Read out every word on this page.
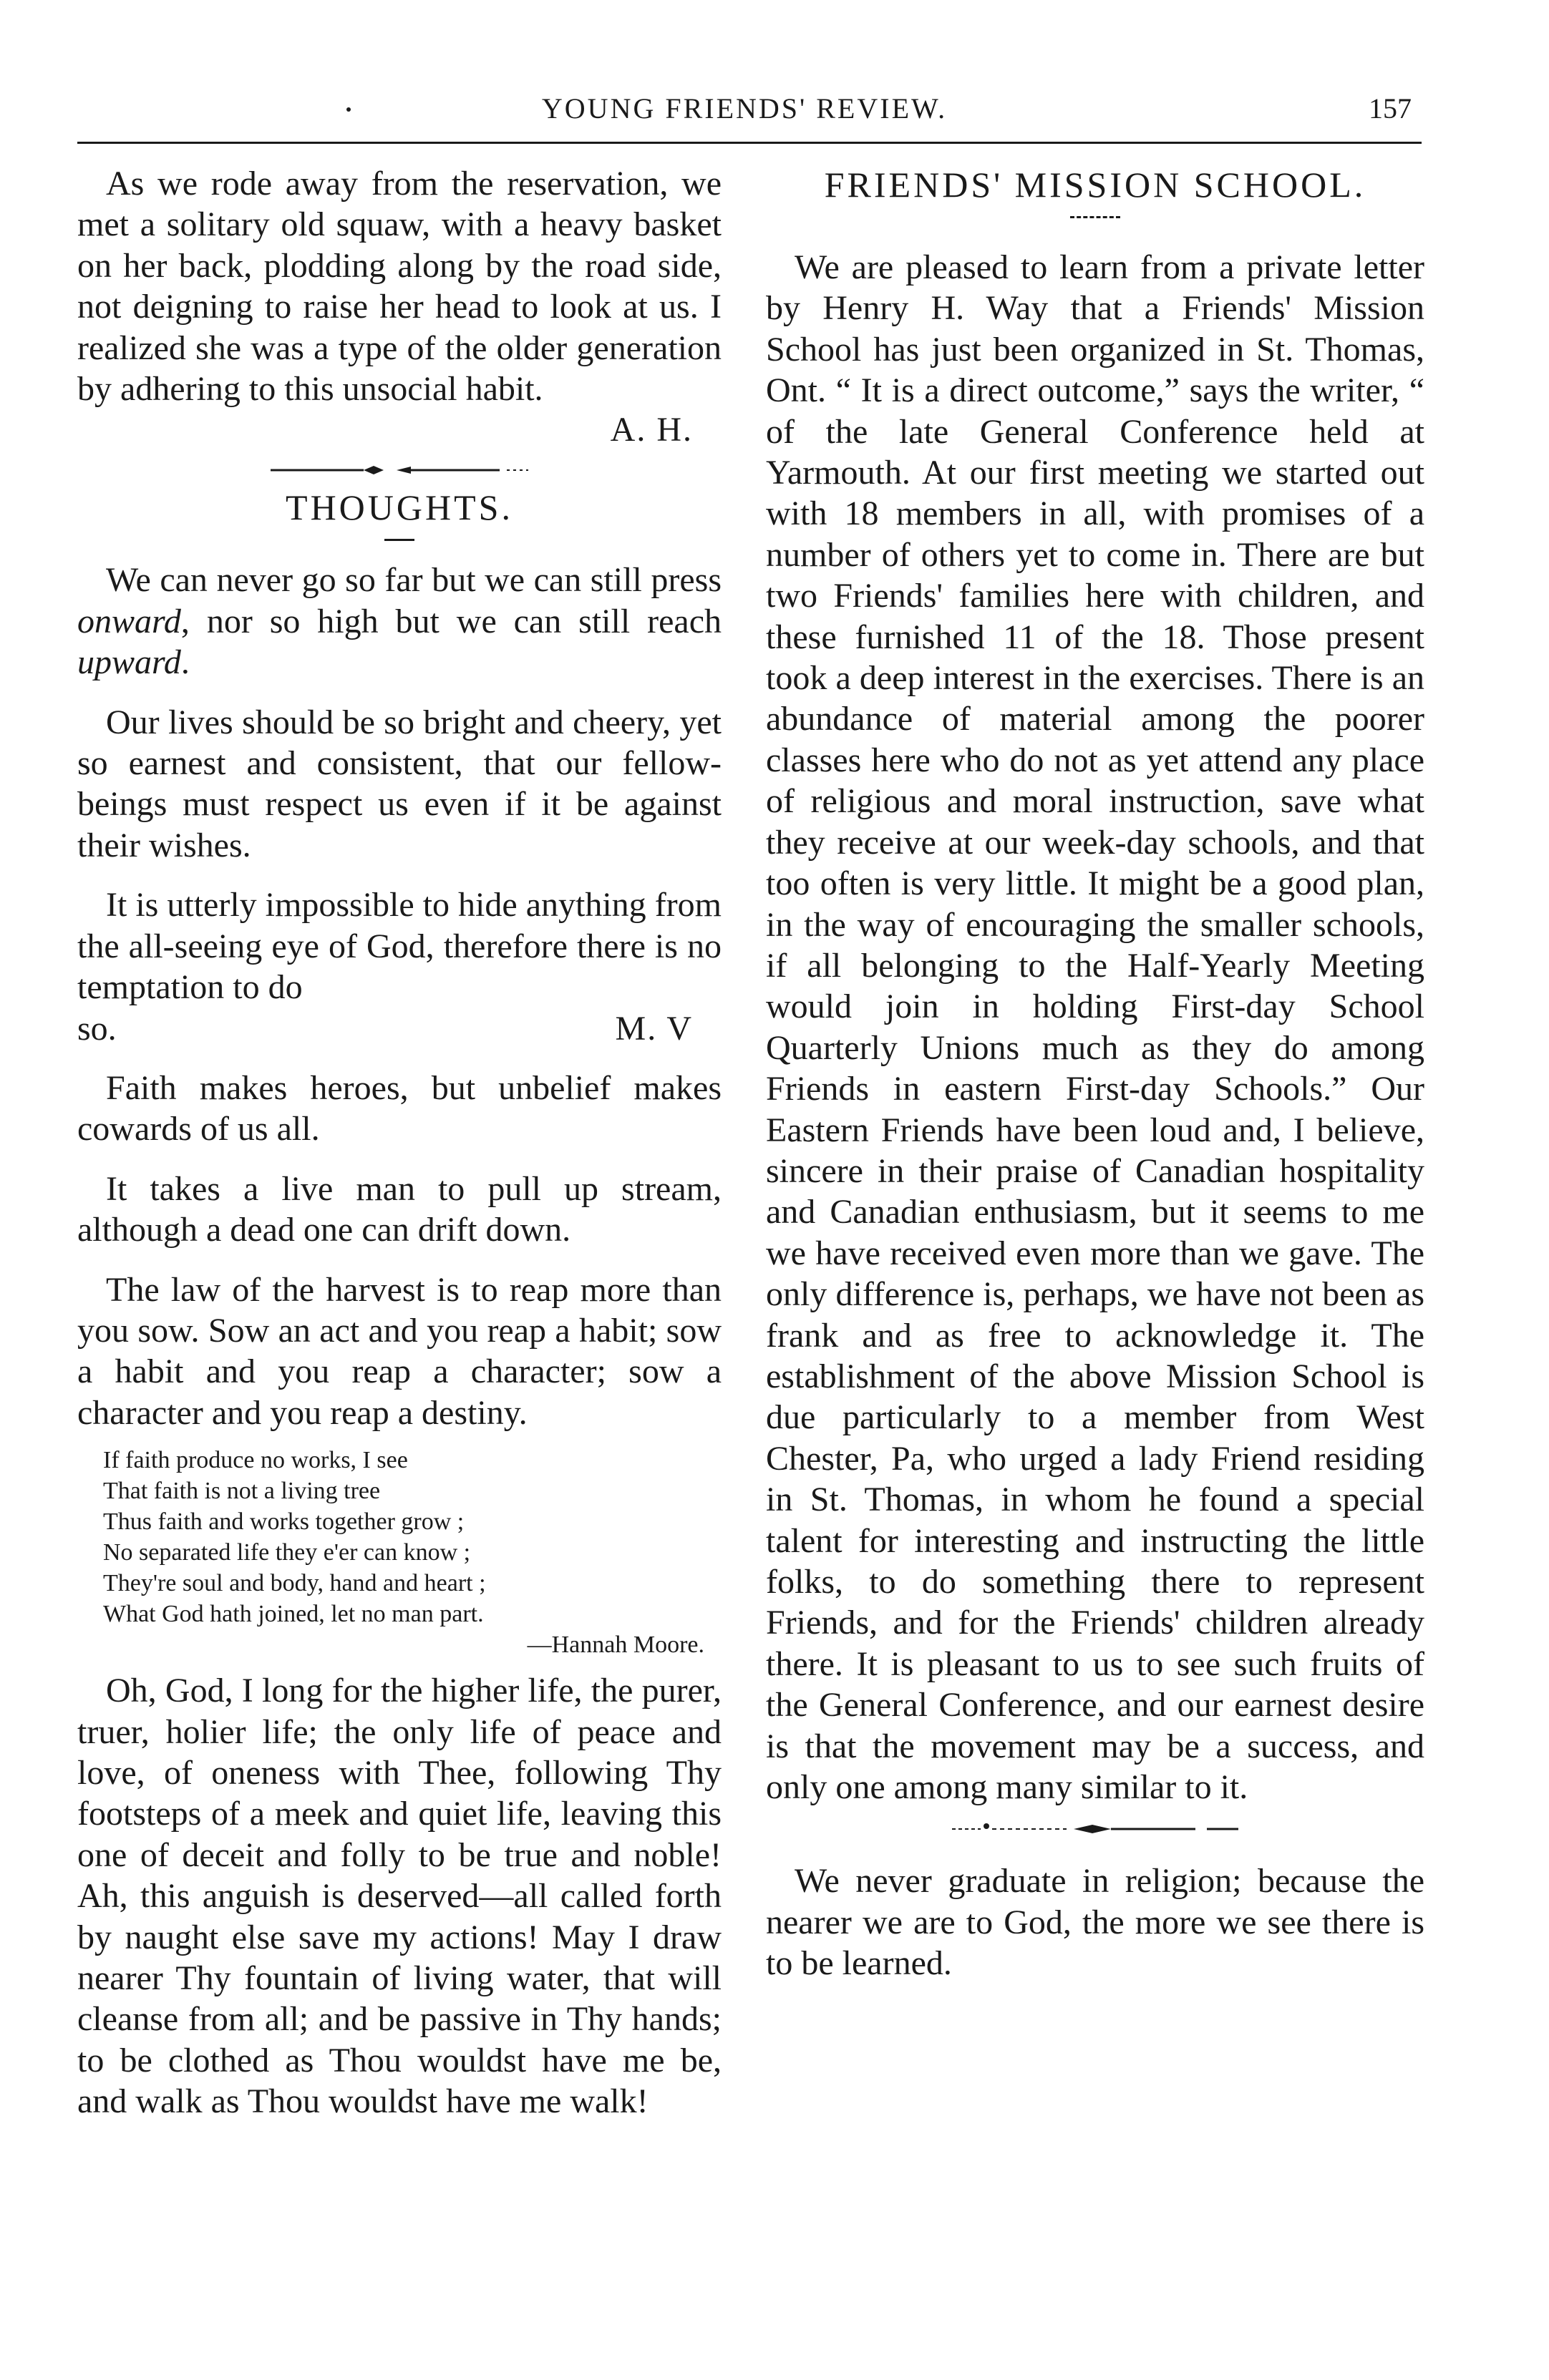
YOUNG FRIENDS' REVIEW.	157

As we rode away from the reservation, we met a solitary old squaw, with a heavy basket on her back, plodding along by the road side, not deigning to raise her head to look at us. I realized she was a type of the older generation by adhering to this unsocial habit.

A. H.

THOUGHTS.

We can never go so far but we can still press onward, nor so high but we can still reach upward.

Our lives should be so bright and cheery, yet so earnest and consistent, that our fellow-beings must respect us even if it be against their wishes.

It is utterly impossible to hide anything from the all-seeing eye of God, therefore there is no temptation to do

so.	M. V

Faith makes heroes, but unbelief makes cowards of us all.

It takes a live man to pull up stream, although a dead one can drift down.

The law of the harvest is to reap more than you sow. Sow an act and you reap a habit; sow a habit and you reap a character; sow a character and you reap a destiny.

If faith produce no works, I see
That faith is not a living tree
Thus faith and works together grow ;
No separated life they e'er can know ;
They're soul and body, hand and heart ;
What God hath joined, let no man part.
—Hannah Moore.

Oh, God, I long for the higher life, the purer, truer, holier life; the only life of peace and love, of oneness with Thee, following Thy footsteps of a meek and quiet life, leaving this one of deceit and folly to be true and noble! Ah, this anguish is deserved—all called forth by naught else save my actions! May I draw nearer Thy fountain of living water, that will cleanse from all; and be passive in Thy hands; to be clothed as Thou wouldst have me be, and walk as Thou wouldst have me walk!

FRIENDS' MISSION SCHOOL.

We are pleased to learn from a private letter by Henry H. Way that a Friends' Mission School has just been organized in St. Thomas, Ont. “ It is a direct outcome,” says the writer, “ of the late General Conference held at Yarmouth. At our first meeting we started out with 18 members in all, with promises of a number of others yet to come in. There are but two Friends' families here with children, and these furnished 11 of the 18. Those present took a deep interest in the exercises. There is an abundance of material among the poorer classes here who do not as yet attend any place of religious and moral instruction, save what they receive at our week-day schools, and that too often is very little. It might be a good plan, in the way of encouraging the smaller schools, if all belonging to the Half-Yearly Meeting would join in holding First-day School Quarterly Unions much as they do among Friends in eastern First-day Schools.” Our Eastern Friends have been loud and, I believe, sincere in their praise of Canadian hospitality and Canadian enthusiasm, but it seems to me we have received even more than we gave. The only difference is, perhaps, we have not been as frank and as free to acknowledge it. The establishment of the above Mission School is due particularly to a member from West Chester, Pa, who urged a lady Friend residing in St. Thomas, in whom he found a special talent for interesting and instructing the little folks, to do something there to represent Friends, and for the Friends' children already there. It is pleasant to us to see such fruits of the General Conference, and our earnest desire is that the movement may be a success, and only one among many similar to it.

We never graduate in religion; because the nearer we are to God, the more we see there is to be learned.
